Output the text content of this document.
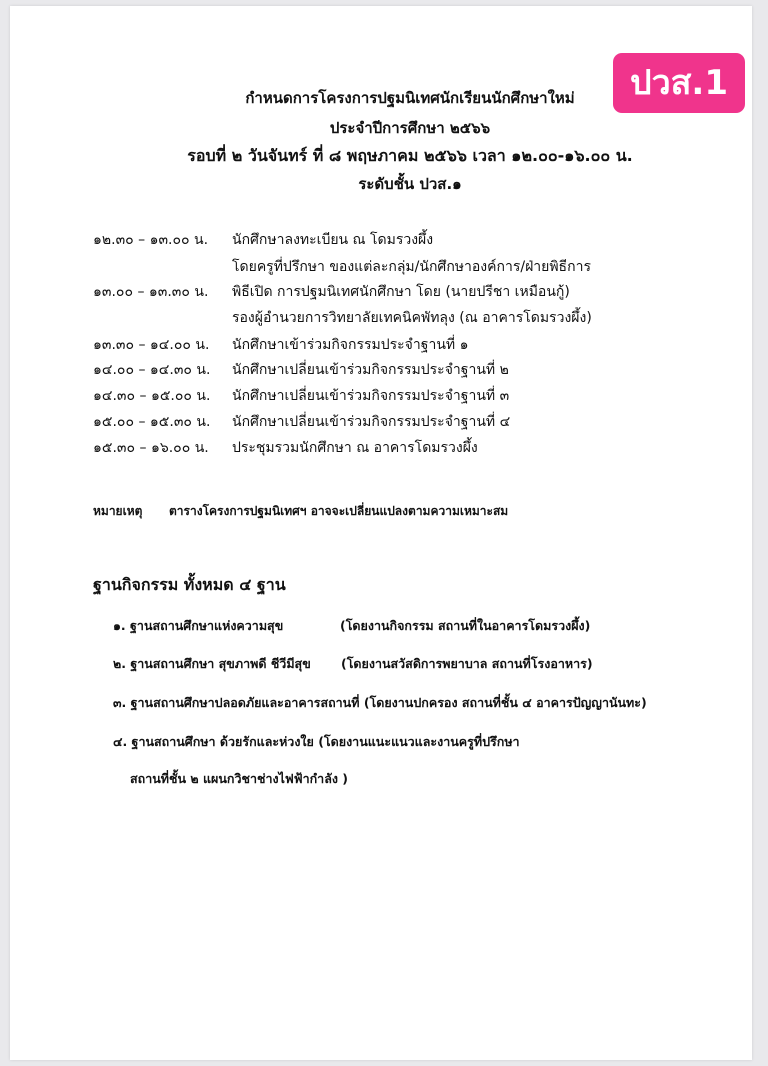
ปวส.1
กำหนดการโครงการปฐมนิเทศนักเรียนนักศึกษาใหม่
ประจำปีการศึกษา ๒๕๖๖
รอบที่ ๒ วันจันทร์ ที่ ๘ พฤษภาคม ๒๕๖๖ เวลา ๑๒.๐๐-๑๖.๐๐ น.
ระดับชั้น ปวส.๑
๑๒.๓๐ – ๑๓.๐๐ น.	นักศึกษาลงทะเบียน ณ โดมรวงผึ้ง
โดยครูที่ปรึกษา ของแต่ละกลุ่ม/นักศึกษาองค์การ/ฝ่ายพิธีการ
๑๓.๐๐ – ๑๓.๓๐ น.	พิธีเปิด การปฐมนิเทศนักศึกษา โดย (นายปรีชา เหมือนกู้)
รองผู้อำนวยการวิทยาลัยเทคนิคพัทลุง (ณ อาคารโดมรวงผึ้ง)
๑๓.๓๐ – ๑๔.๐๐ น.	นักศึกษาเข้าร่วมกิจกรรมประจำฐานที่ ๑
๑๔.๐๐ – ๑๔.๓๐ น.	นักศึกษาเปลี่ยนเข้าร่วมกิจกรรมประจำฐานที่ ๒
๑๔.๓๐ – ๑๕.๐๐ น.	นักศึกษาเปลี่ยนเข้าร่วมกิจกรรมประจำฐานที่ ๓
๑๕.๐๐ – ๑๕.๓๐ น.	นักศึกษาเปลี่ยนเข้าร่วมกิจกรรมประจำฐานที่ ๔
๑๕.๓๐ – ๑๖.๐๐ น.	ประชุมรวมนักศึกษา ณ อาคารโดมรวงผึ้ง
หมายเหตุ ตารางโครงการปฐมนิเทศฯ อาจจะเปลี่ยนแปลงตามความเหมาะสม
ฐานกิจกรรม ทั้งหมด ๔ ฐาน
๑. ฐานสถานศึกษาแห่งความสุข	(โดยงานกิจกรรม สถานที่ในอาคารโดมรวงผึ้ง)
๒. ฐานสถานศึกษา สุขภาพดี ชีวีมีสุข (โดยงานสวัสดิการพยาบาล สถานที่โรงอาหาร)
๓. ฐานสถานศึกษาปลอดภัยและอาคารสถานที่ (โดยงานปกครอง สถานที่ชั้น ๔ อาคารปัญญานันทะ)
๔. ฐานสถานศึกษา ด้วยรักและห่วงใย (โดยงานแนะแนวและงานครูที่ปรึกษา
สถานที่ชั้น ๒ แผนกวิชาช่างไฟฟ้ากำลัง )
